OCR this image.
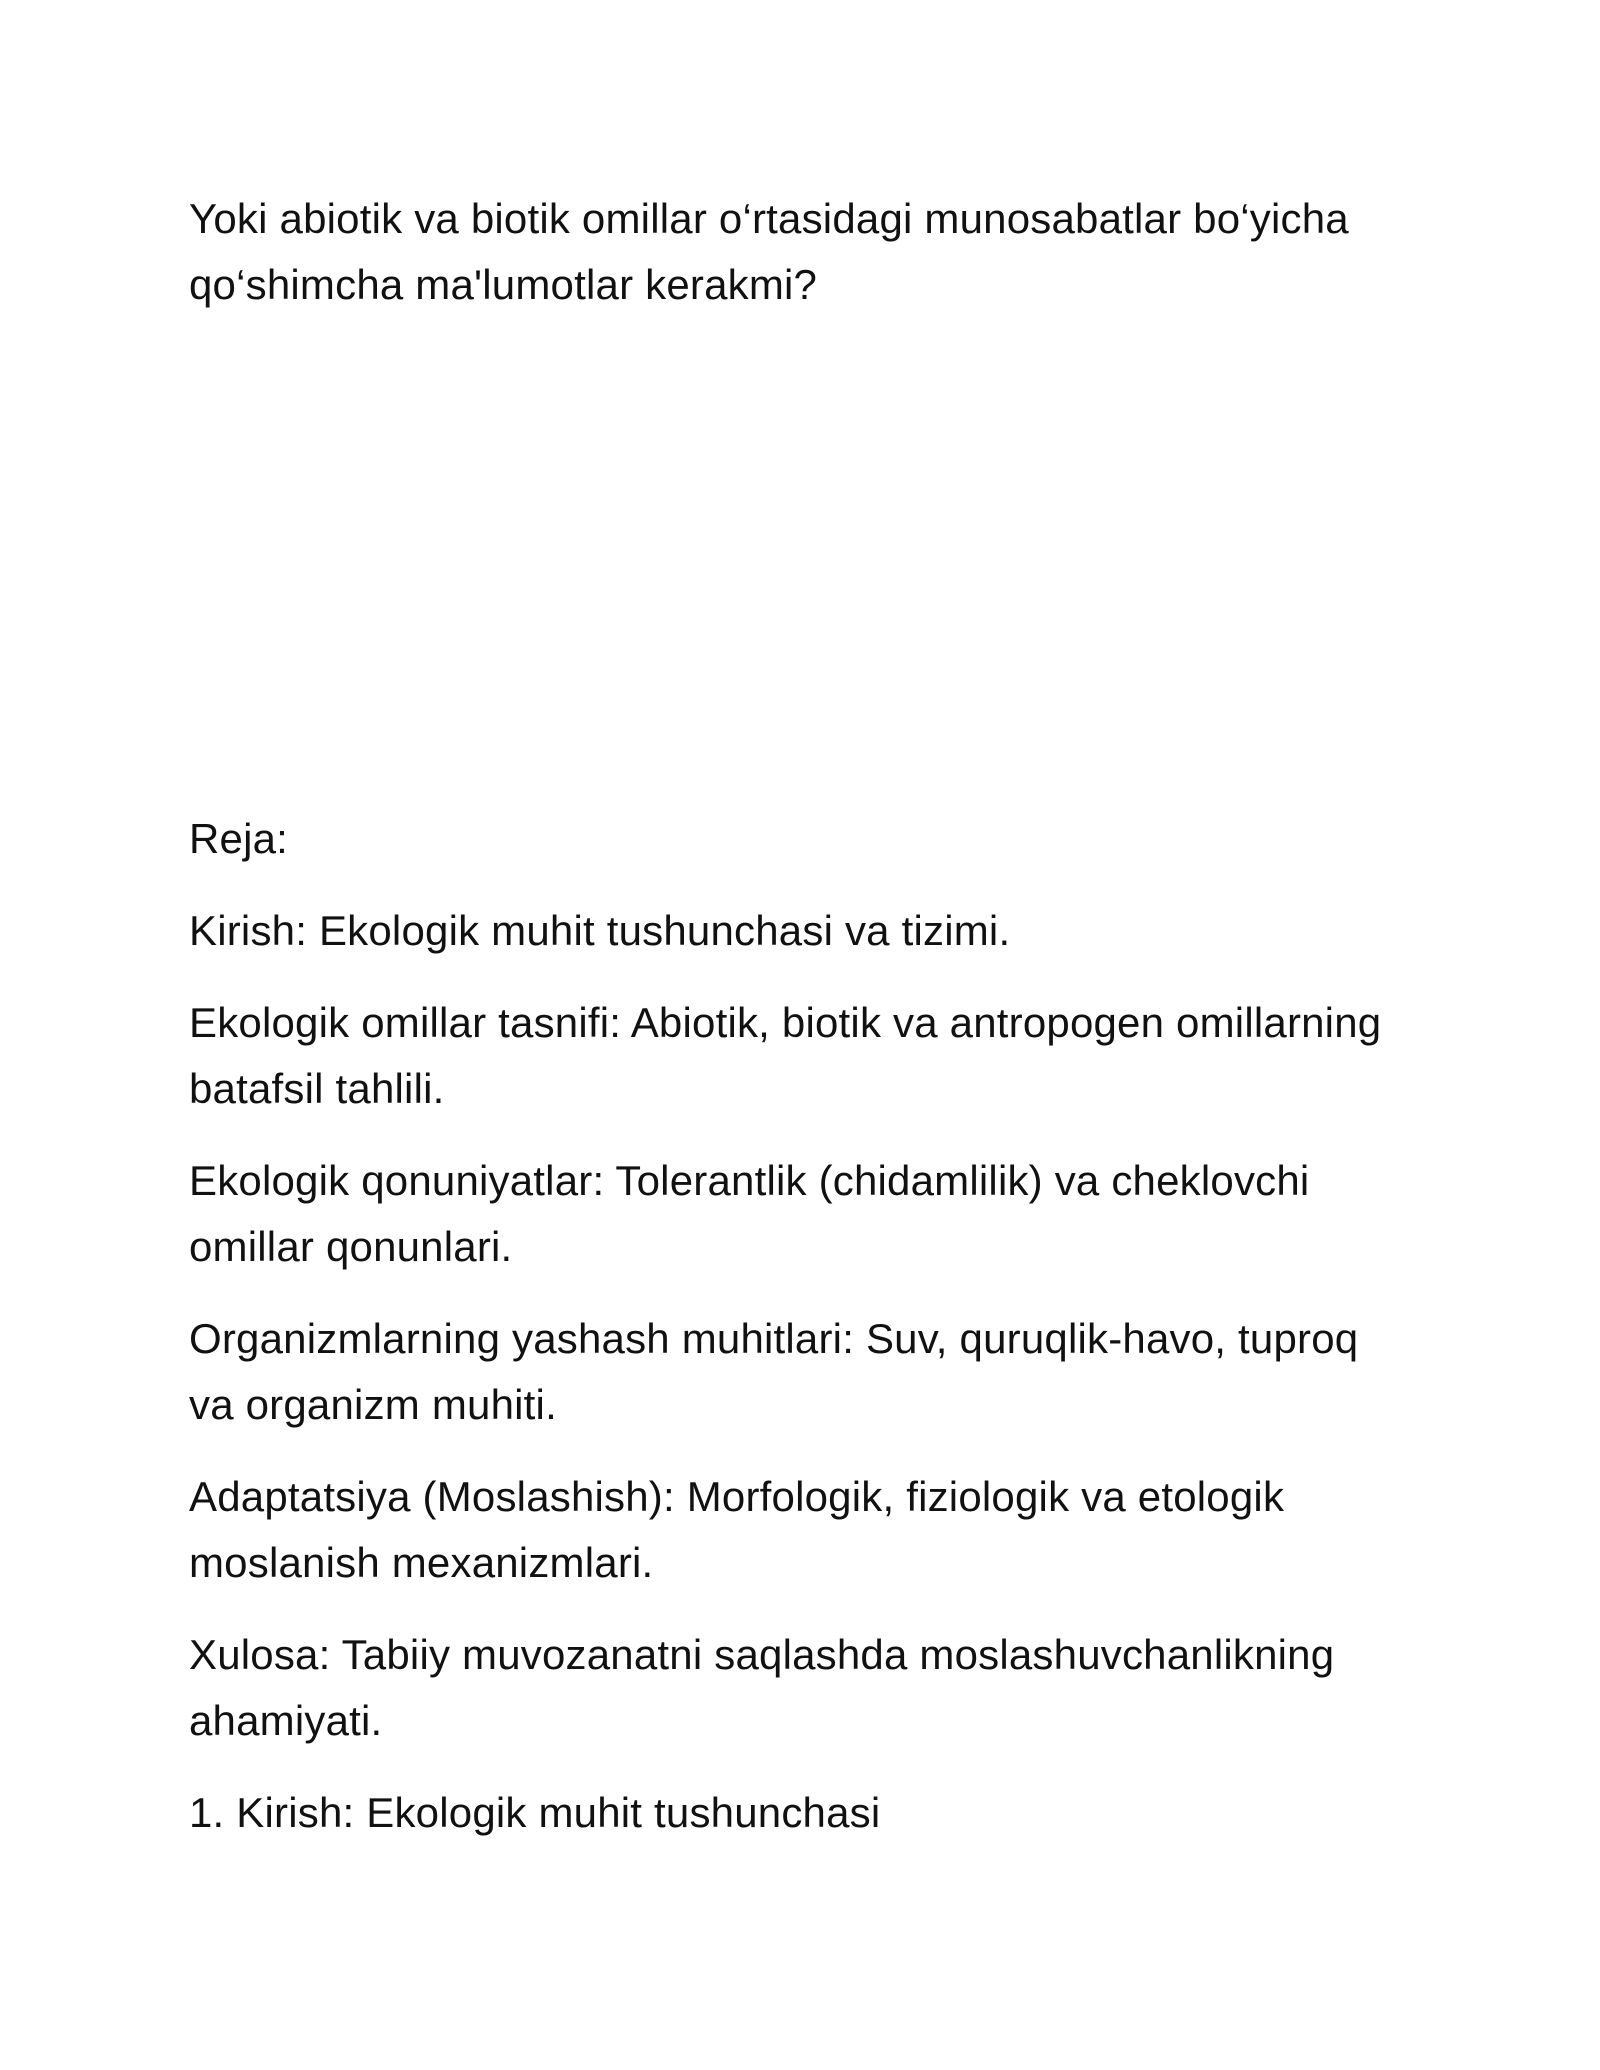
Yoki abiotik va biotik omillar o‘rtasidagi munosabatlar bo‘yicha qo‘shimcha ma'lumotlar kerakmi?

Reja:

Kirish: Ekologik muhit tushunchasi va tizimi.

Ekologik omillar tasnifi: Abiotik, biotik va antropogen omillarning batafsil tahlili.

Ekologik qonuniyatlar: Tolerantlik (chidamlilik) va cheklovchi omillar qonunlari.

Organizmlarning yashash muhitlari: Suv, quruqlik-havo, tuproq va organizm muhiti.

Adaptatsiya (Moslashish): Morfologik, fiziologik va etologik moslanish mexanizmlari.

Xulosa: Tabiiy muvozanatni saqlashda moslashuvchanlikning ahamiyati.

1. Kirish: Ekologik muhit tushunchasi
